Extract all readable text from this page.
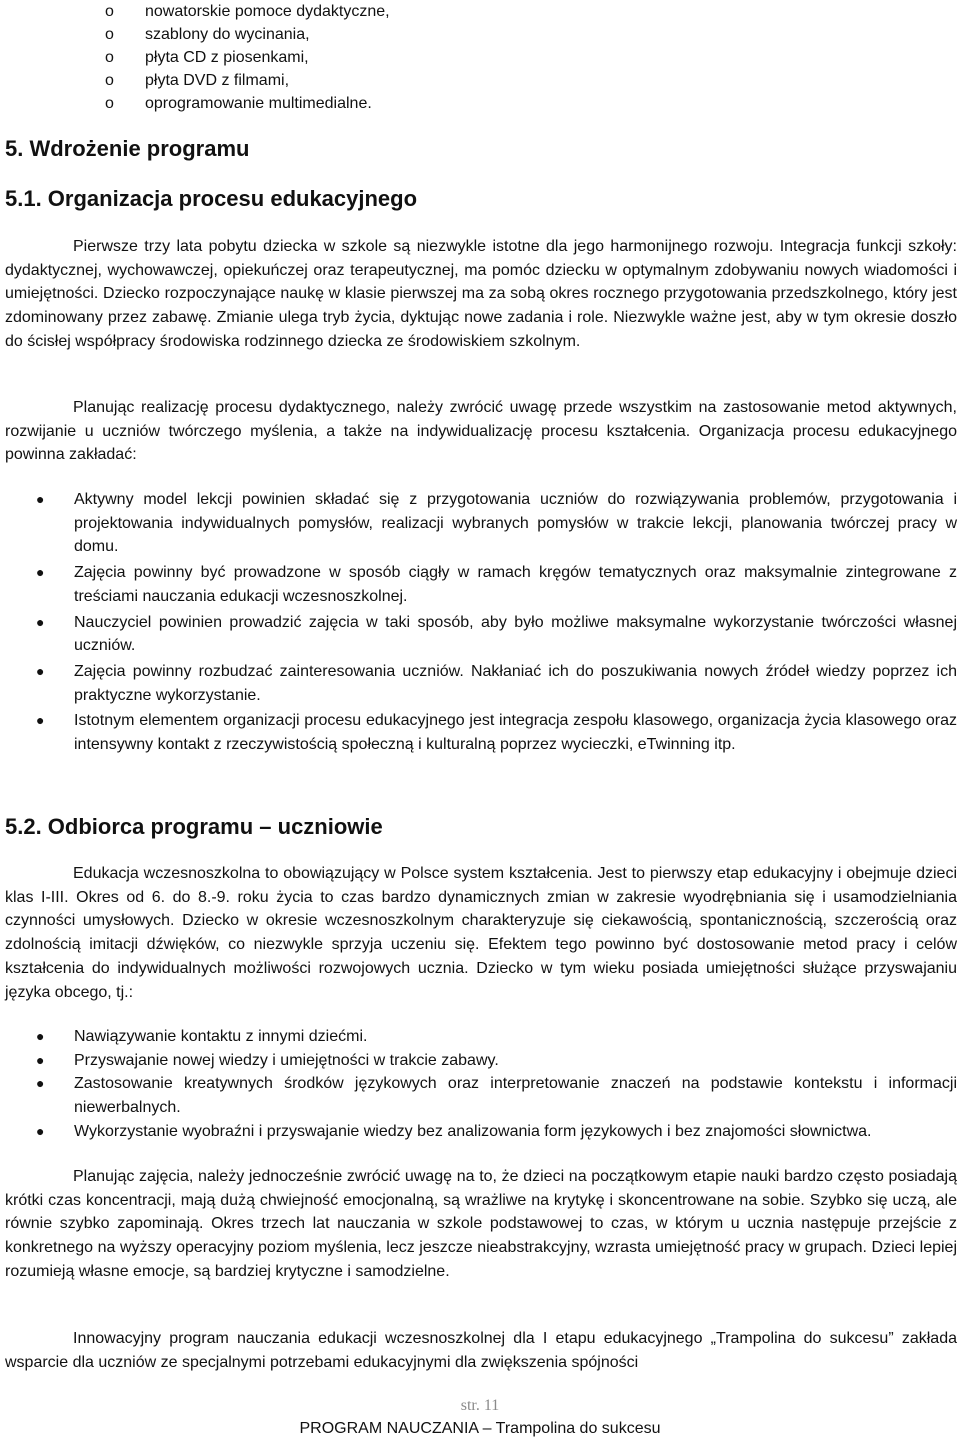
o nowatorskie pomoce dydaktyczne,
o szablony do wycinania,
o płyta CD z piosenkami,
o płyta DVD z filmami,
o oprogramowanie multimedialne.
5. Wdrożenie programu
5.1. Organizacja procesu edukacyjnego

Pierwsze trzy lata pobytu dziecka w szkole są niezwykle istotne dla jego harmonijnego rozwoju. Integracja funkcji szkoły: dydaktycznej, wychowawczej, opiekuńczej oraz terapeutycznej, ma pomóc dziecku w optymalnym zdobywaniu nowych wiadomości i umiejętności. Dziecko rozpoczynające naukę w klasie pierwszej ma za sobą okres rocznego przygotowania przedszkolnego, który jest zdominowany przez zabawę. Zmianie ulega tryb życia, dyktując nowe zadania i role. Niezwykle ważne jest, aby w tym okresie doszło do ścisłej współpracy środowiska rodzinnego dziecka ze środowiskiem szkolnym.

Planując realizację procesu dydaktycznego, należy zwrócić uwagę przede wszystkim na zastosowanie metod aktywnych, rozwijanie u uczniów twórczego myślenia, a także na indywidualizację procesu kształcenia. Organizacja procesu edukacyjnego powinna zakładać:

● Aktywny model lekcji powinien składać się z przygotowania uczniów do rozwiązywania problemów, przygotowania i projektowania indywidualnych pomysłów, realizacji wybranych pomysłów w trakcie lekcji, planowania twórczej pracy w domu.
● Zajęcia powinny być prowadzone w sposób ciągły w ramach kręgów tematycznych oraz maksymalnie zintegrowane z treściami nauczania edukacji wczesnoszkolnej.
● Nauczyciel powinien prowadzić zajęcia w taki sposób, aby było możliwe maksymalne wykorzystanie twórczości własnej uczniów.
● Zajęcia powinny rozbudzać zainteresowania uczniów. Nakłaniać ich do poszukiwania nowych źródeł wiedzy poprzez ich praktyczne wykorzystanie.
● Istotnym elementem organizacji procesu edukacyjnego jest integracja zespołu klasowego, organizacja życia klasowego oraz intensywny kontakt z rzeczywistością społeczną i kulturalną poprzez wycieczki, eTwinning itp.
5.2. Odbiorca programu – uczniowie

Edukacja wczesnoszkolna to obowiązujący w Polsce system kształcenia. Jest to pierwszy etap edukacyjny i obejmuje dzieci klas I-III. Okres od 6. do 8.-9. roku życia to czas bardzo dynamicznych zmian w zakresie wyodrębniania się i usamodzielniania czynności umysłowych. Dziecko w okresie wczesnoszkolnym charakteryzuje się ciekawością, spontanicznością, szczerością oraz zdolnością imitacji dźwięków, co niezwykle sprzyja uczeniu się. Efektem tego powinno być dostosowanie metod pracy i celów kształcenia do indywidualnych możliwości rozwojowych ucznia. Dziecko w tym wieku posiada umiejętności służące przyswajaniu języka obcego, tj.:

● Nawiązywanie kontaktu z innymi dziećmi.
● Przyswajanie nowej wiedzy i umiejętności w trakcie zabawy.
● Zastosowanie kreatywnych środków językowych oraz interpretowanie znaczeń na podstawie kontekstu i informacji niewerbalnych.
● Wykorzystanie wyobraźni i przyswajanie wiedzy bez analizowania form językowych i bez znajomości słownictwa.

Planując zajęcia, należy jednocześnie zwrócić uwagę na to, że dzieci na początkowym etapie nauki bardzo często posiadają krótki czas koncentracji, mają dużą chwiejność emocjonalną, są wrażliwe na krytykę i skoncentrowane na sobie. Szybko się uczą, ale równie szybko zapominają. Okres trzech lat nauczania w szkole podstawowej to czas, w którym u ucznia następuje przejście z konkretnego na wyższy operacyjny poziom myślenia, lecz jeszcze nieabstrakcyjny, wzrasta umiejętność pracy w grupach. Dzieci lepiej rozumieją własne emocje, są bardziej krytyczne i samodzielne.

Innowacyjny program nauczania edukacji wczesnoszkolnej dla I etapu edukacyjnego „Trampolina do sukcesu” zakłada wsparcie dla uczniów ze specjalnymi potrzebami edukacyjnymi dla zwiększenia spójności

str. 11
PROGRAM NAUCZANIA – Trampolina do sukcesu
